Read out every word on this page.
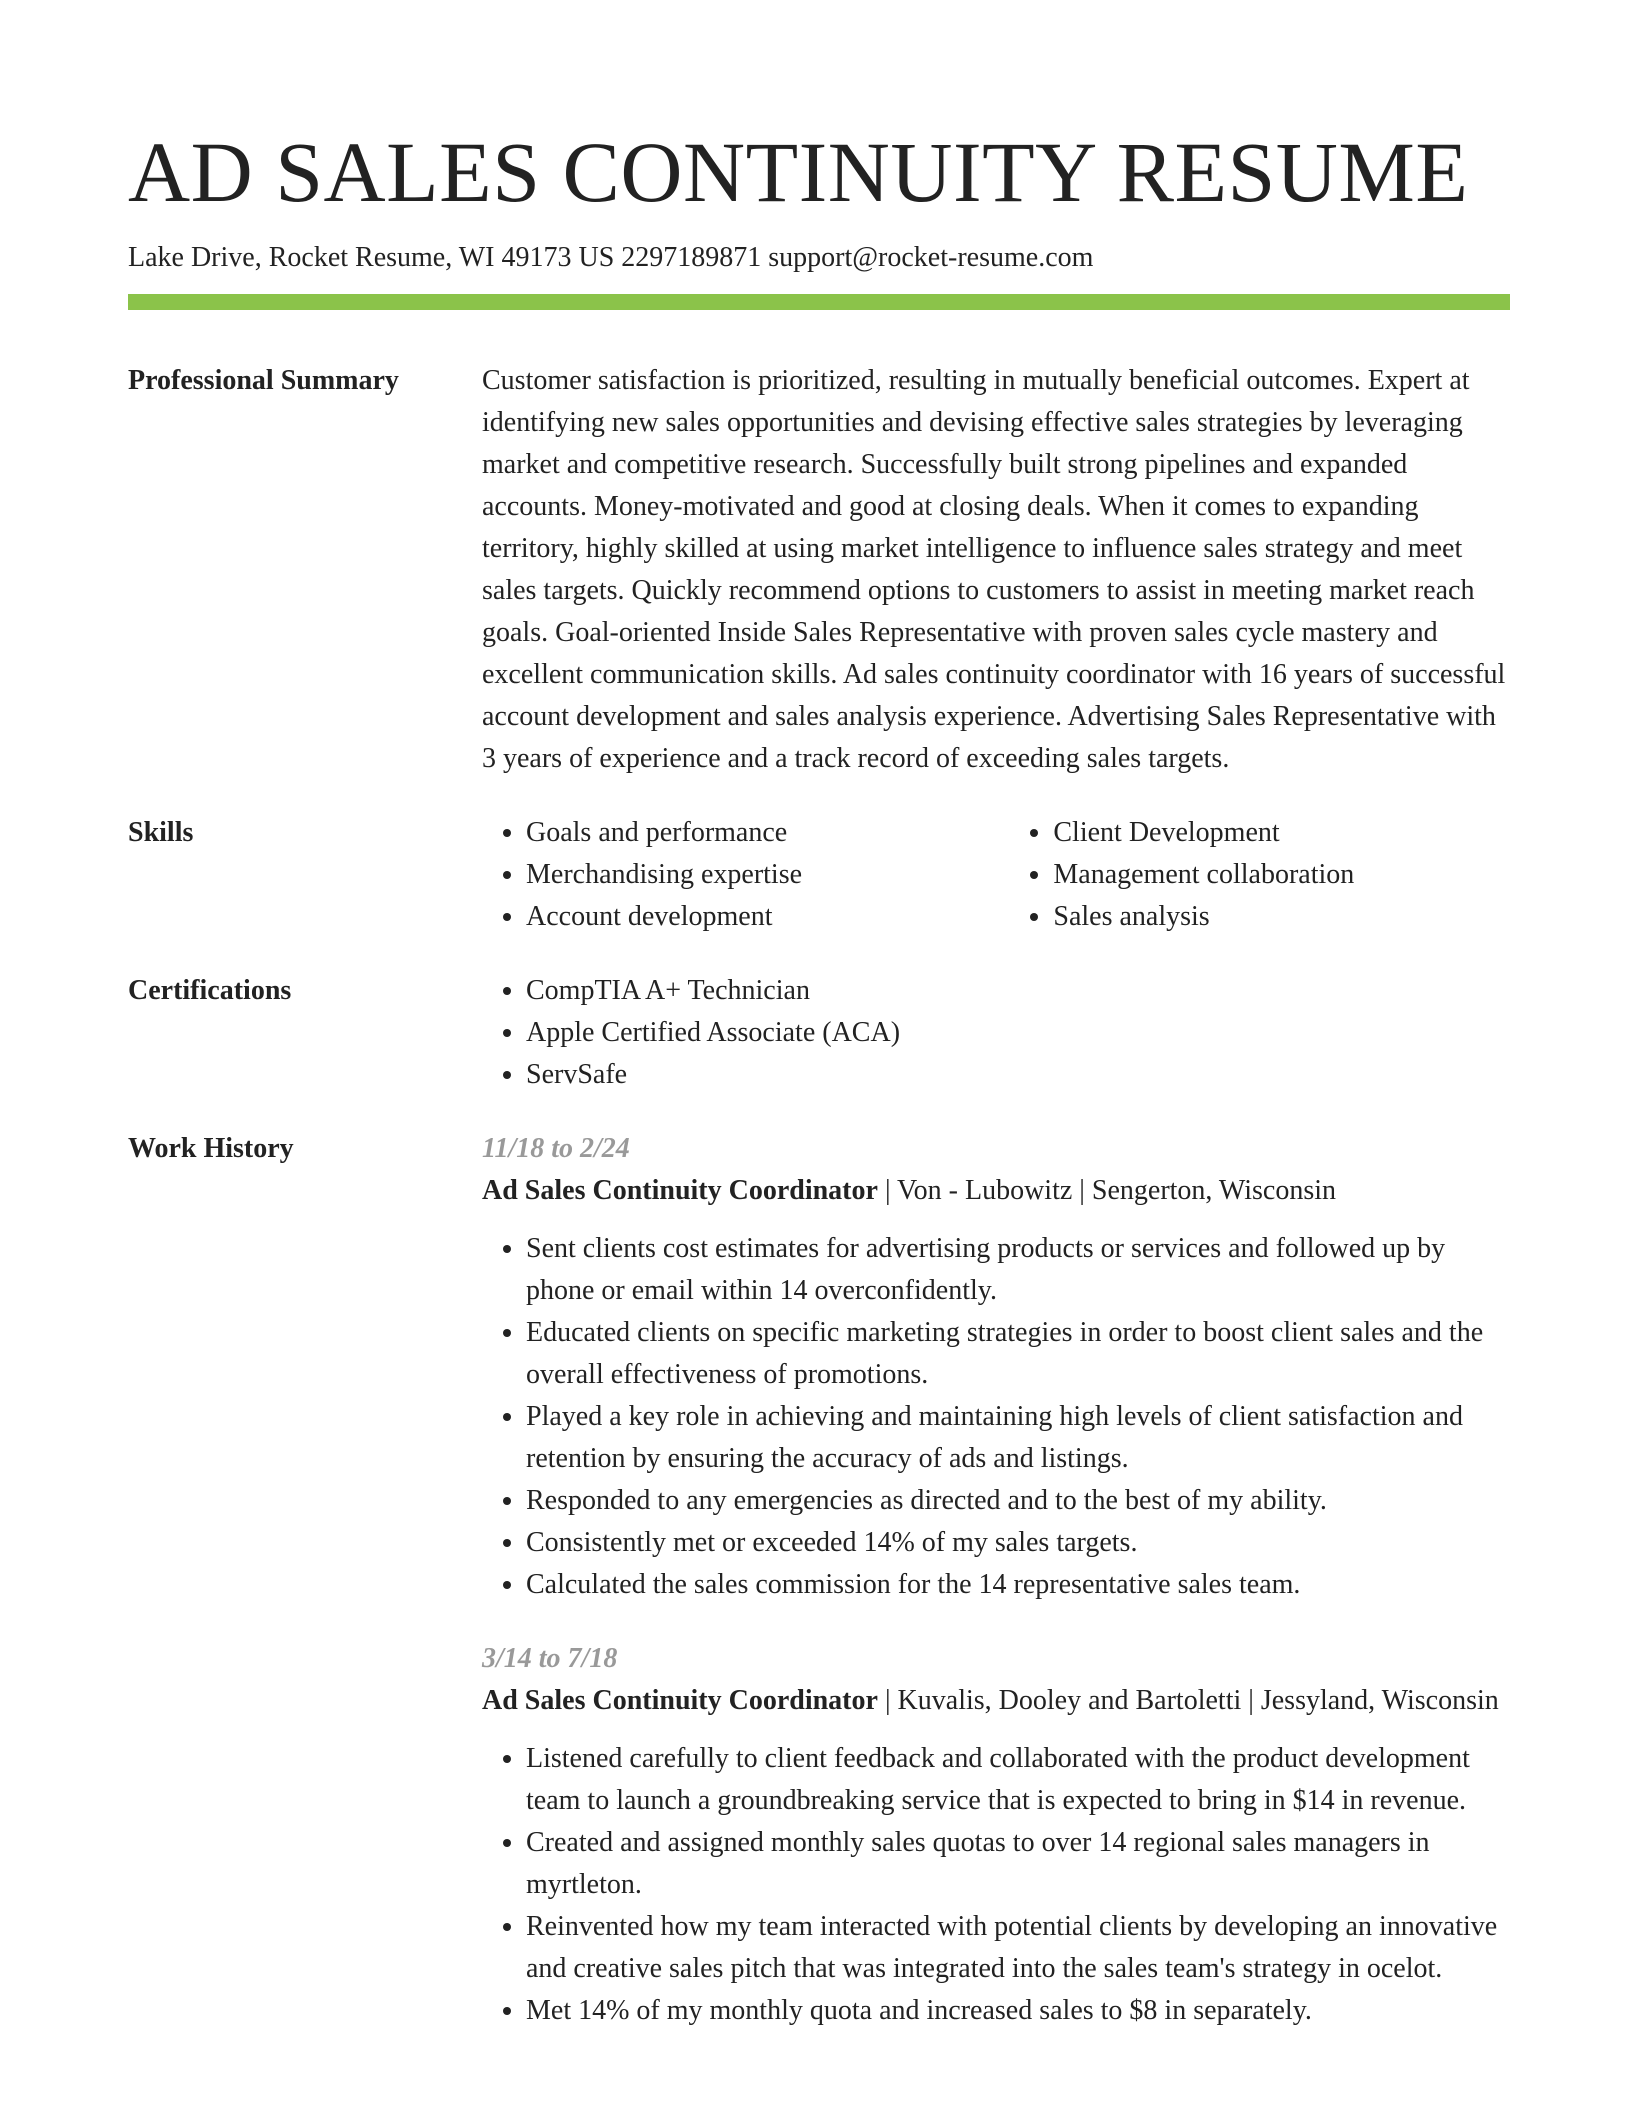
AD SALES CONTINUITY RESUME
Lake Drive, Rocket Resume, WI 49173 US 2297189871 support@rocket-resume.com
Professional Summary	Customer satisfaction is prioritized, resulting in mutually beneficial outcomes. Expert at identifying new sales opportunities and devising effective sales strategies by leveraging market and competitive research. Successfully built strong pipelines and expanded accounts. Money-motivated and good at closing deals. When it comes to expanding territory, highly skilled at using market intelligence to influence sales strategy and meet sales targets. Quickly recommend options to customers to assist in meeting market reach goals. Goal-oriented Inside Sales Representative with proven sales cycle mastery and excellent communication skills. Ad sales continuity coordinator with 16 years of successful account development and sales analysis experience. Advertising Sales Representative with 3 years of experience and a track record of exceeding sales targets.

Skills	• Goals and performance
• Merchandising expertise
• Account development
• Client Development
• Management collaboration
• Sales analysis
Certifications	• CompTIA A+ Technician
• Apple Certified Associate (ACA)
• ServSafe
Work History	11/18 to 2/24
Ad Sales Continuity Coordinator | Von - Lubowitz | Sengerton, Wisconsin
• Sent clients cost estimates for advertising products or services and followed up by phone or email within 14 overconfidently.
• Educated clients on specific marketing strategies in order to boost client sales and the overall effectiveness of promotions.
• Played a key role in achieving and maintaining high levels of client satisfaction and retention by ensuring the accuracy of ads and listings.
• Responded to any emergencies as directed and to the best of my ability.
• Consistently met or exceeded 14% of my sales targets.
• Calculated the sales commission for the 14 representative sales team.
3/14 to 7/18
Ad Sales Continuity Coordinator | Kuvalis, Dooley and Bartoletti | Jessyland, Wisconsin
• Listened carefully to client feedback and collaborated with the product development team to launch a groundbreaking service that is expected to bring in $14 in revenue.
• Created and assigned monthly sales quotas to over 14 regional sales managers in myrtleton.
• Reinvented how my team interacted with potential clients by developing an innovative and creative sales pitch that was integrated into the sales team's strategy in ocelot.
• Met 14% of my monthly quota and increased sales to $8 in separately.
